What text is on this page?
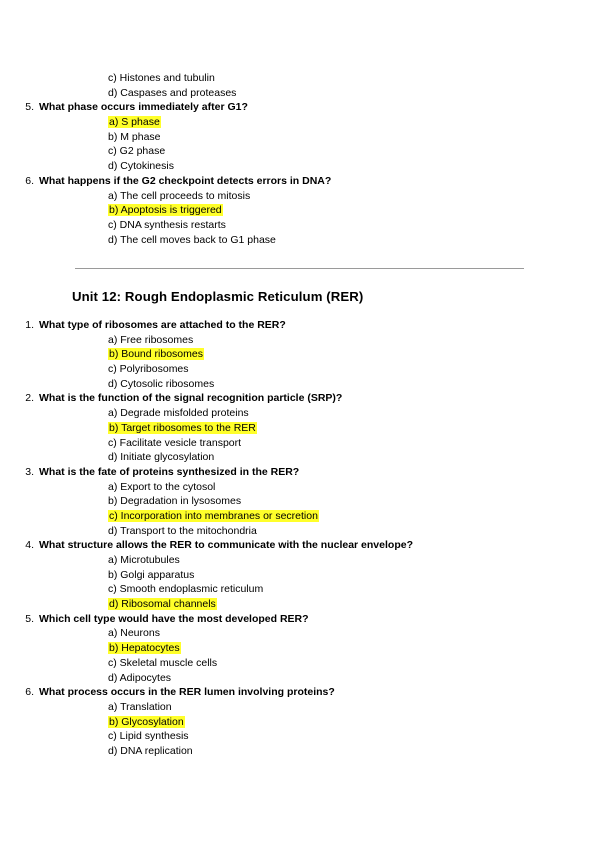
c) Histones and tubulin
d) Caspases and proteases
5. What phase occurs immediately after G1?
a) S phase
b) M phase
c) G2 phase
d) Cytokinesis
6. What happens if the G2 checkpoint detects errors in DNA?
a) The cell proceeds to mitosis
b) Apoptosis is triggered
c) DNA synthesis restarts
d) The cell moves back to G1 phase
Unit 12: Rough Endoplasmic Reticulum (RER)
1. What type of ribosomes are attached to the RER?
a) Free ribosomes
b) Bound ribosomes
c) Polyribosomes
d) Cytosolic ribosomes
2. What is the function of the signal recognition particle (SRP)?
a) Degrade misfolded proteins
b) Target ribosomes to the RER
c) Facilitate vesicle transport
d) Initiate glycosylation
3. What is the fate of proteins synthesized in the RER?
a) Export to the cytosol
b) Degradation in lysosomes
c) Incorporation into membranes or secretion
d) Transport to the mitochondria
4. What structure allows the RER to communicate with the nuclear envelope?
a) Microtubules
b) Golgi apparatus
c) Smooth endoplasmic reticulum
d) Ribosomal channels
5. Which cell type would have the most developed RER?
a) Neurons
b) Hepatocytes
c) Skeletal muscle cells
d) Adipocytes
6. What process occurs in the RER lumen involving proteins?
a) Translation
b) Glycosylation
c) Lipid synthesis
d) DNA replication
